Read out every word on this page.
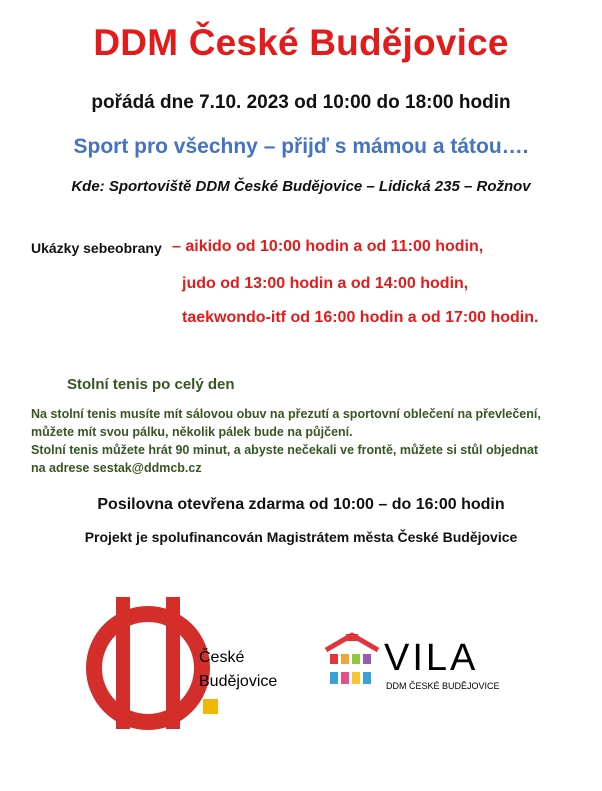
DDM České Budějovice

pořádá dne 7.10. 2023 od 10:00 do 18:00 hodin

Sport pro všechny – přijď s mámou a tátou….

Kde: Sportoviště DDM České Budějovice – Lidická 235 – Rožnov

Ukázky sebeobrany – aikido od 10:00 hodin a od 11:00 hodin,
judo od 13:00 hodin a od 14:00 hodin,
taekwondo-itf od 16:00 hodin a od 17:00 hodin.
Stolní tenis po celý den
Na stolní tenis musíte mít sálovou obuv na přezutí a sportovní oblečení na převlečení,
můžete mít svou pálku, několik pálek bude na půjčení.
Stolní tenis můžete hrát 90 minut, a abyste nečekali ve frontě, můžete si stůl objednat
na adrese sestak@ddmcb.cz

Posilovna otevřena zdarma od 10:00 – do 16:00 hodin

Projekt je spolufinancován Magistrátem města České Budějovice

České
Budějovice
VILA
DDM ČESKÉ BUDĚJOVICE
